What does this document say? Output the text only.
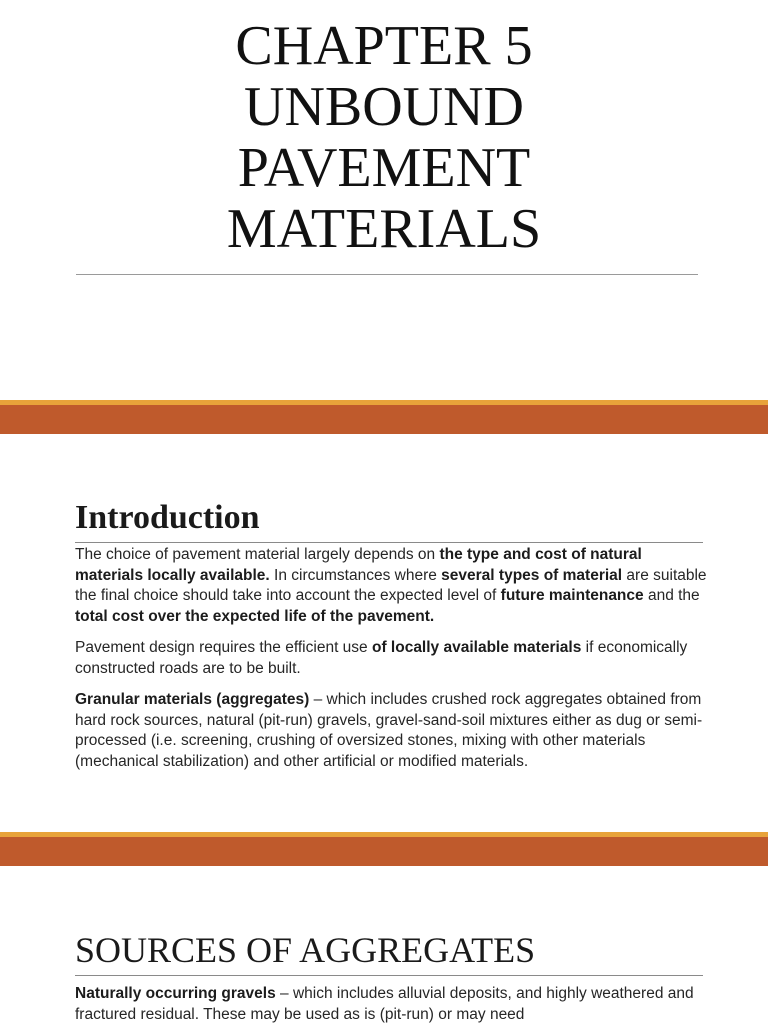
CHAPTER 5
UNBOUND
PAVEMENT
MATERIALS
Introduction

The choice of pavement material largely depends on the type and cost of natural materials locally available. In circumstances where several types of material are suitable the final choice should take into account the expected level of future maintenance and the total cost over the expected life of the pavement.

Pavement design requires the efficient use of locally available materials if economically constructed roads are to be built.

Granular materials (aggregates) – which includes crushed rock aggregates obtained from hard rock sources, natural (pit-run) gravels, gravel-sand-soil mixtures either as dug or semi-processed (i.e. screening, crushing of oversized stones, mixing with other materials (mechanical stabilization) and other artificial or modified materials.

SOURCES OF AGGREGATES

Naturally occurring gravels – which includes alluvial deposits, and highly weathered and fractured residual. These may be used as is (pit-run) or may need
